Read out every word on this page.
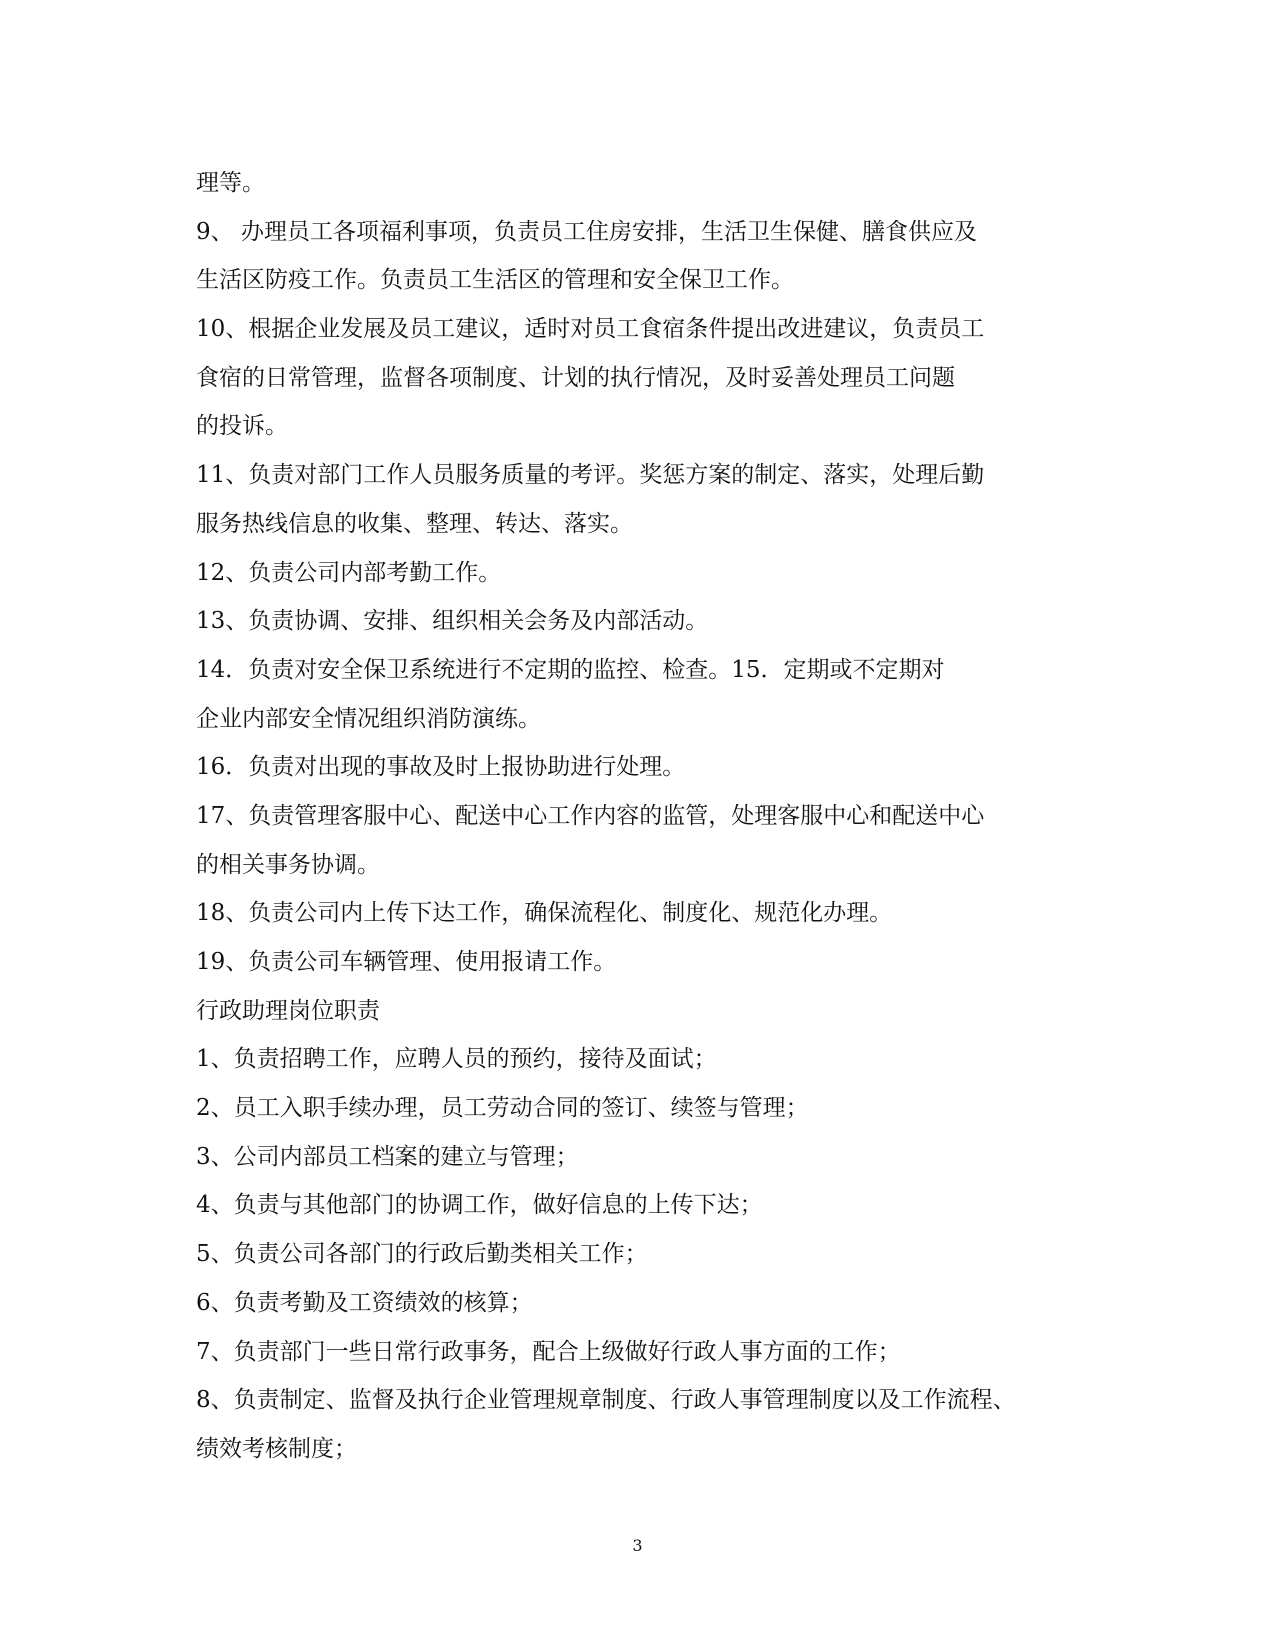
理等。
9、 办理员工各项福利事项，负责员工住房安排，生活卫生保健、膳食供应及
生活区防疫工作。负责员工生活区的管理和安全保卫工作。
10、根据企业发展及员工建议，适时对员工食宿条件提出改进建议，负责员工
食宿的日常管理，监督各项制度、计划的执行情况，及时妥善处理员工问题
的投诉。
11、负责对部门工作人员服务质量的考评。奖惩方案的制定、落实，处理后勤
服务热线信息的收集、整理、转达、落实。
12、负责公司内部考勤工作。
13、负责协调、安排、组织相关会务及内部活动。
14．负责对安全保卫系统进行不定期的监控、检查。15．定期或不定期对
企业内部安全情况组织消防演练。
16．负责对出现的事故及时上报协助进行处理。
17、负责管理客服中心、配送中心工作内容的监管，处理客服中心和配送中心
的相关事务协调。
18、负责公司内上传下达工作，确保流程化、制度化、规范化办理。
19、负责公司车辆管理、使用报请工作。
行政助理岗位职责
1、负责招聘工作，应聘人员的预约，接待及面试；
2、员工入职手续办理，员工劳动合同的签订、续签与管理；
3、公司内部员工档案的建立与管理；
4、负责与其他部门的协调工作，做好信息的上传下达；
5、负责公司各部门的行政后勤类相关工作；
6、负责考勤及工资绩效的核算；
7、负责部门一些日常行政事务，配合上级做好行政人事方面的工作；
8、负责制定、监督及执行企业管理规章制度、行政人事管理制度以及工作流程、
绩效考核制度；
3
